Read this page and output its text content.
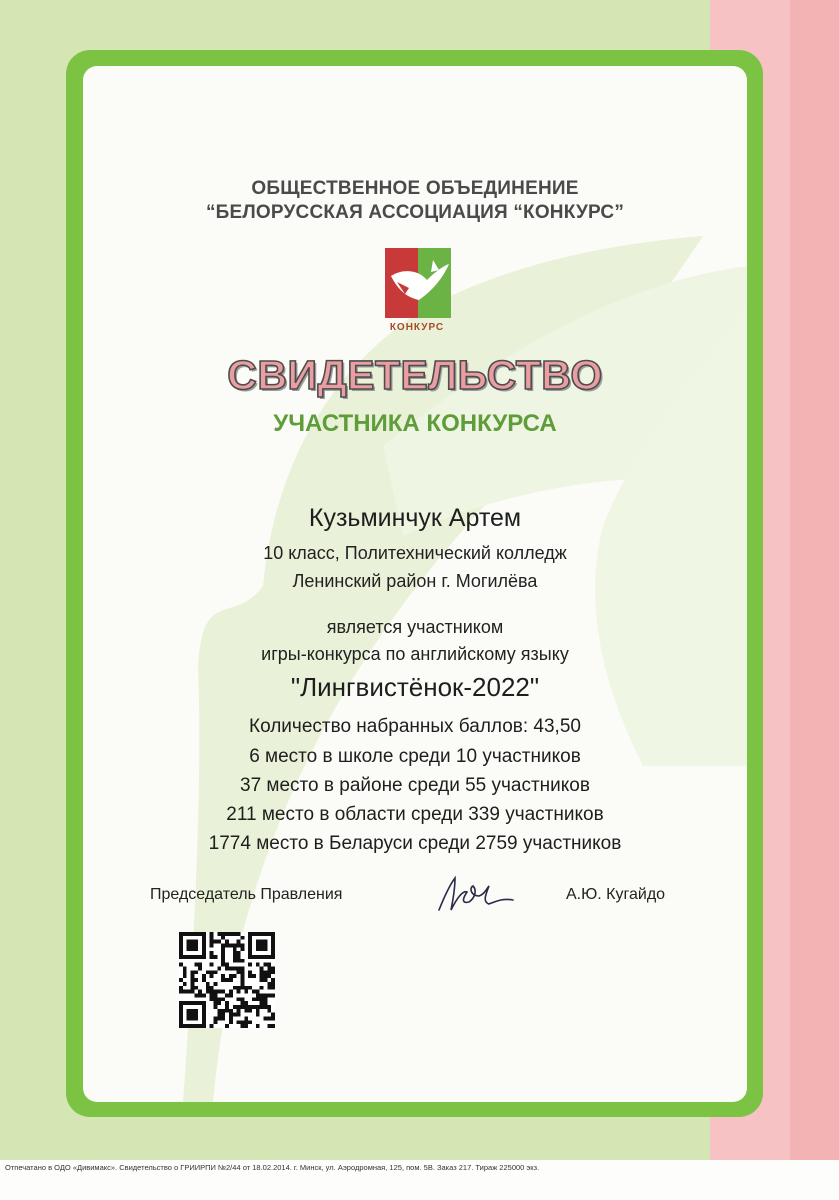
ОБЩЕСТВЕННОЕ ОБЪЕДИНЕНИЕ
“БЕЛОРУССКАЯ АССОЦИАЦИЯ “КОНКУРС”
КОНКУРС
СВИДЕТЕЛЬСТВО
УЧАСТНИКА КОНКУРСА
Кузьминчук Артем
10 класс, Политехнический колледж
Ленинский район г. Могилёва
является участником
игры-конкурса по английскому языку
"Лингвистёнок-2022"
Количество набранных баллов: 43,50
6 место в школе среди 10 участников
37 место в районе среди 55 участников
211 место в области среди 339 участников
1774 место в Беларуси среди 2759 участников
Председатель Правления	А.Ю. Кугайдо
Отпечатано в ОДО «Дивимакс». Свидетельство о ГРИИРПИ №2/44 от 18.02.2014. г. Минск, ул. Аэродромная, 125, пом. 5В. Заказ 217. Тираж 225000 экз.
